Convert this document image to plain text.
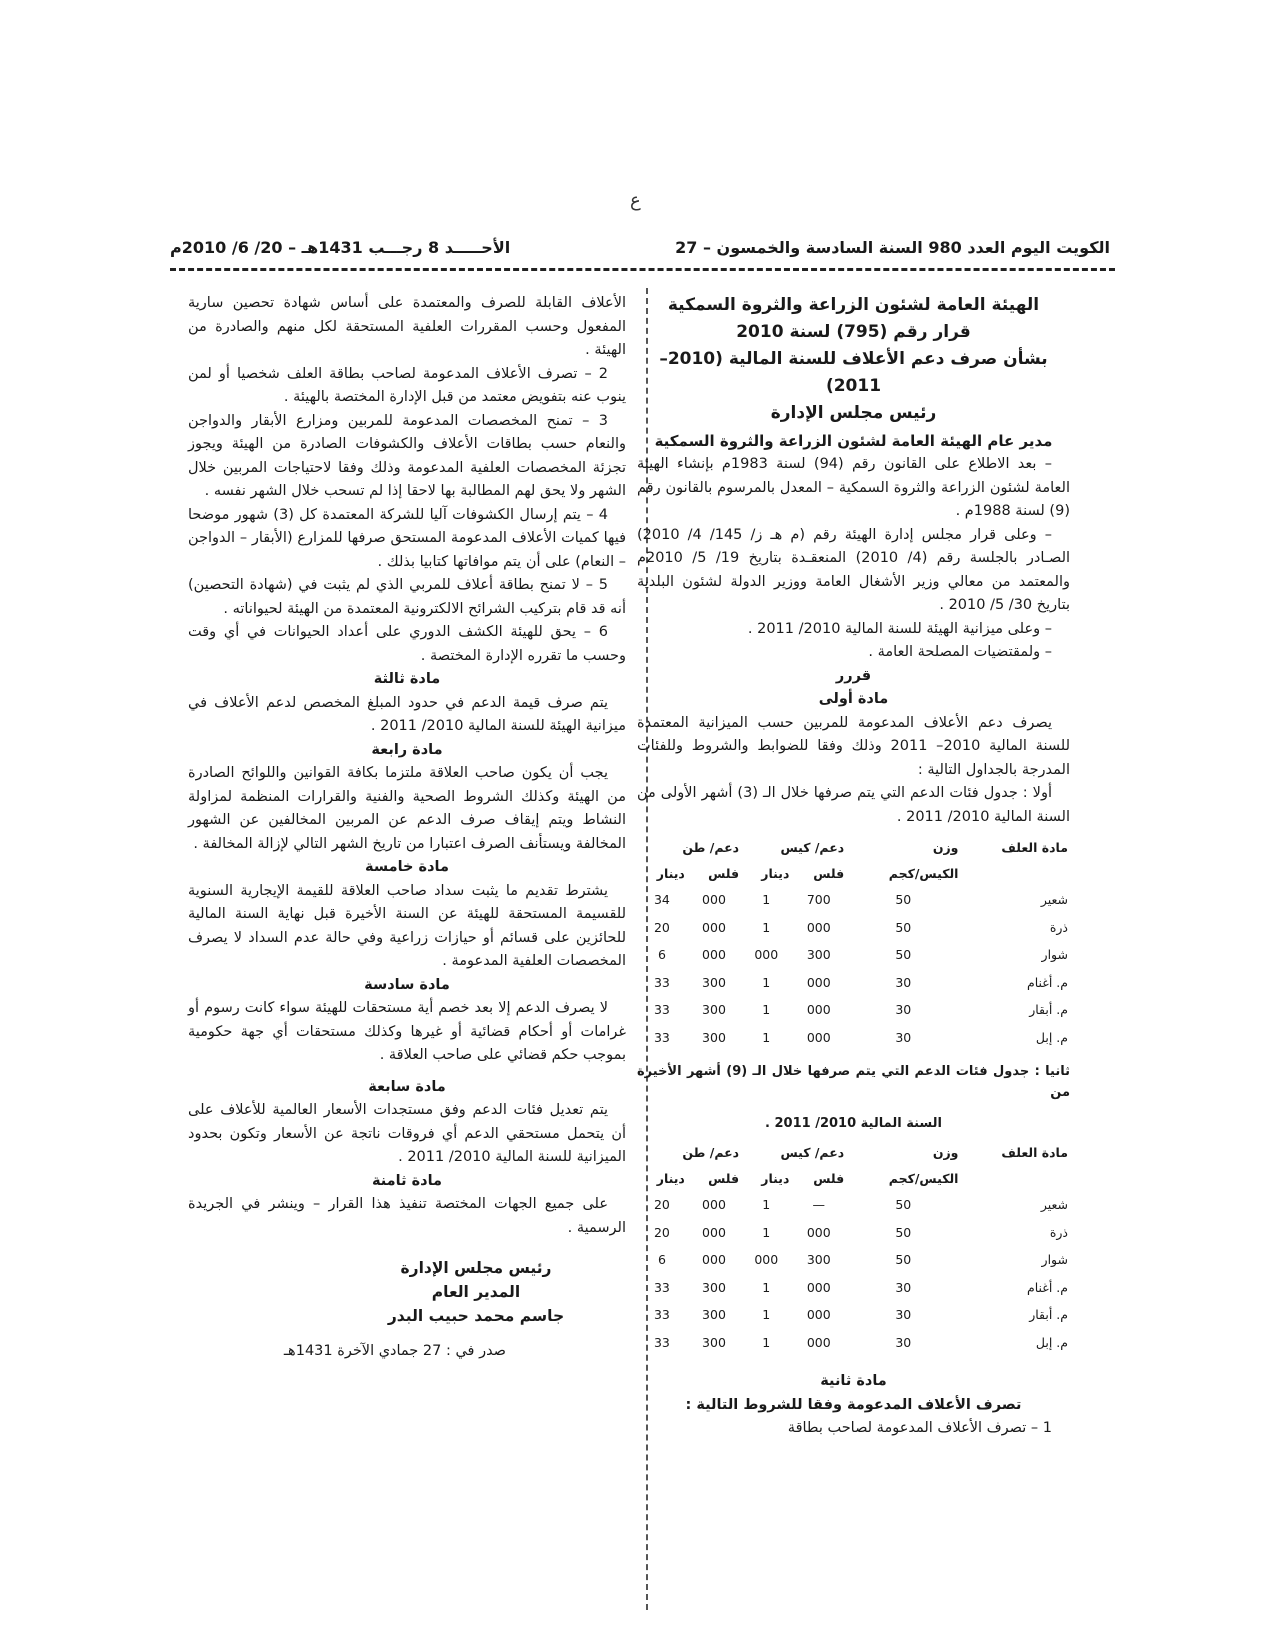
ع
الكويت اليوم العدد 980 السنة السادسة والخمسون – 27
الأحـــــد 8 رجـــب 1431هـ – 20/ 6/ 2010م

الهيئة العامة لشئون الزراعة والثروة السمكية

قرار رقم (795) لسنة 2010

بشأن صرف دعم الأعلاف للسنة المالية (2010– 2011)

رئيس مجلس الإدارة

مدير عام الهيئة العامة لشئون الزراعة والثروة السمكية

– بعد الاطلاع على القانون رقم (94) لسنة 1983م بإنشاء الهيئة العامة لشئون الزراعة والثروة السمكية – المعدل بالمرسوم بالقانون رقم (9) لسنة 1988م .

– وعلى قرار مجلس إدارة الهيئة رقم (م هـ ز/ 145/ 4/ 2010) الصـادر بالجلسة رقم (4/ 2010) المنعقـدة بتاريخ 19/ 5/ 2010م والمعتمد من معالي وزير الأشغال العامة ووزير الدولة لشئون البلدية بتاريخ 30/ 5/ 2010 .

– وعلى ميزانية الهيئة للسنة المالية 2010/ 2011 .

– ولمقتضيات المصلحة العامة .

قررر

مادة أولى

يصرف دعم الأعلاف المدعومة للمربين حسب الميزانية المعتمدة للسنة المالية 2010– 2011 وذلك وفقا للضوابط والشروط وللفئات المدرجة بالجداول التالية :

أولا : جدول فئات الدعم التي يتم صرفها خلال الـ (3) أشهر الأولى من السنة المالية 2010/ 2011 .

مادة العلف	وزن	دعم/ كيس		دعم/ طن	
	الكيس/كجم	فلس	دينار	فلس	دينار
شعير	50	700	1	000	34
ذرة	50	000	1	000	20
شوار	50	300	000	000	6
م. أغنام	30	000	1	300	33
م. أبقار	30	000	1	300	33
م. إبل	30	000	1	300	33

ثانيا : جدول فئات الدعم التي يتم صرفها خلال الـ (9) أشهر الأخيرة من

السنة المالية 2010/ 2011 .

مادة العلف	وزن	دعم/ كيس		دعم/ طن	
	الكيس/كجم	فلس	دينار	فلس	دينار
شعير	50	—	1	000	20
ذرة	50	000	1	000	20
شوار	50	300	000	000	6
م. أغنام	30	000	1	300	33
م. أبقار	30	000	1	300	33
م. إبل	30	000	1	300	33

مادة ثانية

تصرف الأعلاف المدعومة وفقا للشروط التالية :

1 – تصرف الأعلاف المدعومة لصاحب بطاقة

الأعلاف القابلة للصرف والمعتمدة على أساس شهادة تحصين سارية المفعول وحسب المقررات العلفية المستحقة لكل منهم والصادرة من الهيئة .

2 – تصرف الأعلاف المدعومة لصاحب بطاقة العلف شخصيا أو لمن ينوب عنه بتفويض معتمد من قبل الإدارة المختصة بالهيئة .

3 – تمنح المخصصات المدعومة للمربين ومزارع الأبقار والدواجن والنعام حسب بطاقات الأعلاف والكشوفات الصادرة من الهيئة ويجوز تجزئة المخصصات العلفية المدعومة وذلك وفقا لاحتياجات المربين خلال الشهر ولا يحق لهم المطالبة بها لاحقا إذا لم تسحب خلال الشهر نفسه .

4 – يتم إرسال الكشوفات آليا للشركة المعتمدة كل (3) شهور موضحا فيها كميات الأعلاف المدعومة المستحق صرفها للمزارع (الأبقار – الدواجن – النعام) على أن يتم موافاتها كتابيا بذلك .

5 – لا تمنح بطاقة أعلاف للمربي الذي لم يثبت في (شهادة التحصين) أنه قد قام بتركيب الشرائح الالكترونية المعتمدة من الهيئة لحيواناته .

6 – يحق للهيئة الكشف الدوري على أعداد الحيوانات في أي وقت وحسب ما تقرره الإدارة المختصة .

مادة ثالثة

يتم صرف قيمة الدعم في حدود المبلغ المخصص لدعم الأعلاف في ميزانية الهيئة للسنة المالية 2010/ 2011 .

مادة رابعة

يجب أن يكون صاحب العلاقة ملتزما بكافة القوانين واللوائح الصادرة من الهيئة وكذلك الشروط الصحية والفنية والقرارات المنظمة لمزاولة النشاط ويتم إيقاف صرف الدعم عن المربين المخالفين عن الشهور المخالفة ويستأنف الصرف اعتبارا من تاريخ الشهر التالي لإزالة المخالفة .

مادة خامسة

يشترط تقديم ما يثبت سداد صاحب العلاقة للقيمة الإيجارية السنوية للقسيمة المستحقة للهيئة عن السنة الأخيرة قبل نهاية السنة المالية للحائزين على قسائم أو حيازات زراعية وفي حالة عدم السداد لا يصرف المخصصات العلفية المدعومة .

مادة سادسة

لا يصرف الدعم إلا بعد خصم أية مستحقات للهيئة سواء كانت رسوم أو غرامات أو أحكام قضائية أو غيرها وكذلك مستحقات أي جهة حكومية بموجب حكم قضائي على صاحب العلاقة .

مادة سابعة

يتم تعديل فئات الدعم وفق مستجدات الأسعار العالمية للأعلاف على أن يتحمل مستحقي الدعم أي فروقات ناتجة عن الأسعار وتكون بحدود الميزانية للسنة المالية 2010/ 2011 .

مادة ثامنة

على جميع الجهات المختصة تنفيذ هذا القرار – وينشر في الجريدة الرسمية .

رئيس مجلس الإدارة

المدير العام

جاسم محمد حبيب البدر

صدر في : 27 جمادي الآخرة 1431هـ
